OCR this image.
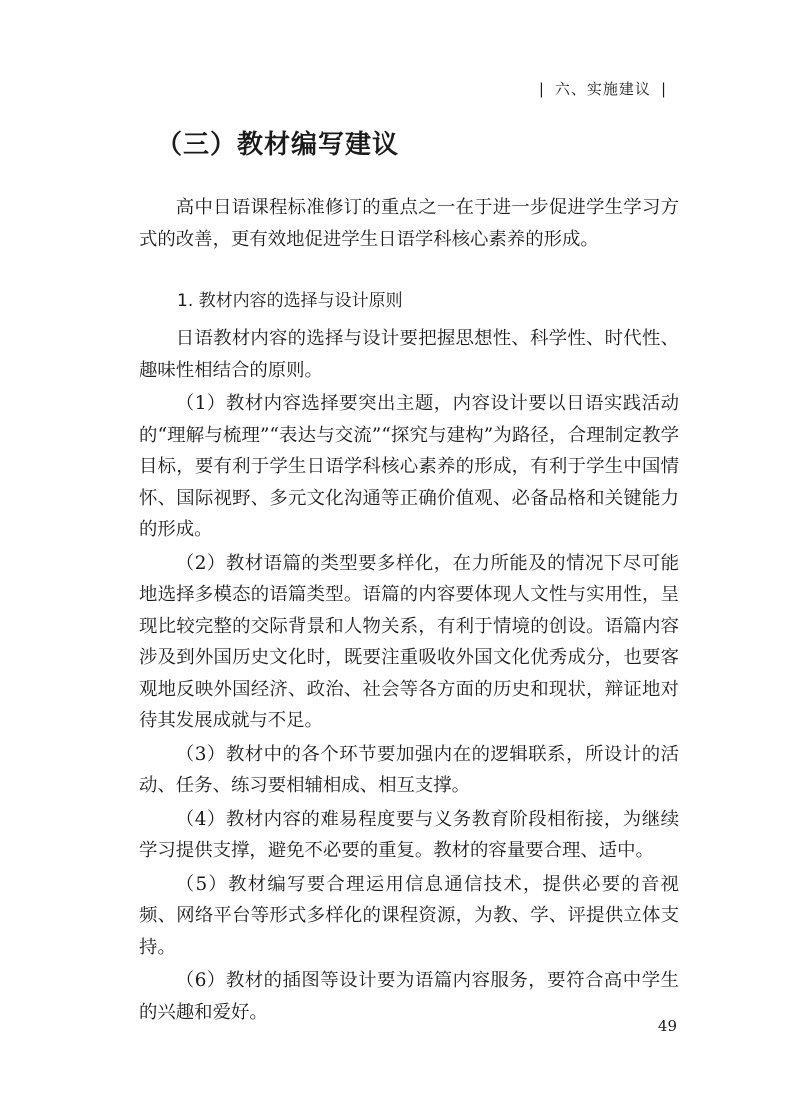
| 六、实施建议 |
（三）教材编写建议

高中日语课程标准修订的重点之一在于进一步促进学生学习方式的改善，更有效地促进学生日语学科核心素养的形成。

1. 教材内容的选择与设计原则

日语教材内容的选择与设计要把握思想性、科学性、时代性、趣味性相结合的原则。

（1）教材内容选择要突出主题，内容设计要以日语实践活动的“理解与梳理”“表达与交流”“探究与建构”为路径，合理制定教学目标，要有利于学生日语学科核心素养的形成，有利于学生中国情怀、国际视野、多元文化沟通等正确价值观、必备品格和关键能力的形成。

（2）教材语篇的类型要多样化，在力所能及的情况下尽可能地选择多模态的语篇类型。语篇的内容要体现人文性与实用性，呈现比较完整的交际背景和人物关系，有利于情境的创设。语篇内容涉及到外国历史文化时，既要注重吸收外国文化优秀成分，也要客观地反映外国经济、政治、社会等各方面的历史和现状，辩证地对待其发展成就与不足。

（3）教材中的各个环节要加强内在的逻辑联系，所设计的活动、任务、练习要相辅相成、相互支撑。

（4）教材内容的难易程度要与义务教育阶段相衔接，为继续学习提供支撑，避免不必要的重复。教材的容量要合理、适中。

（5）教材编写要合理运用信息通信技术，提供必要的音视频、网络平台等形式多样化的课程资源，为教、学、评提供立体支持。

（6）教材的插图等设计要为语篇内容服务，要符合高中学生的兴趣和爱好。

49
